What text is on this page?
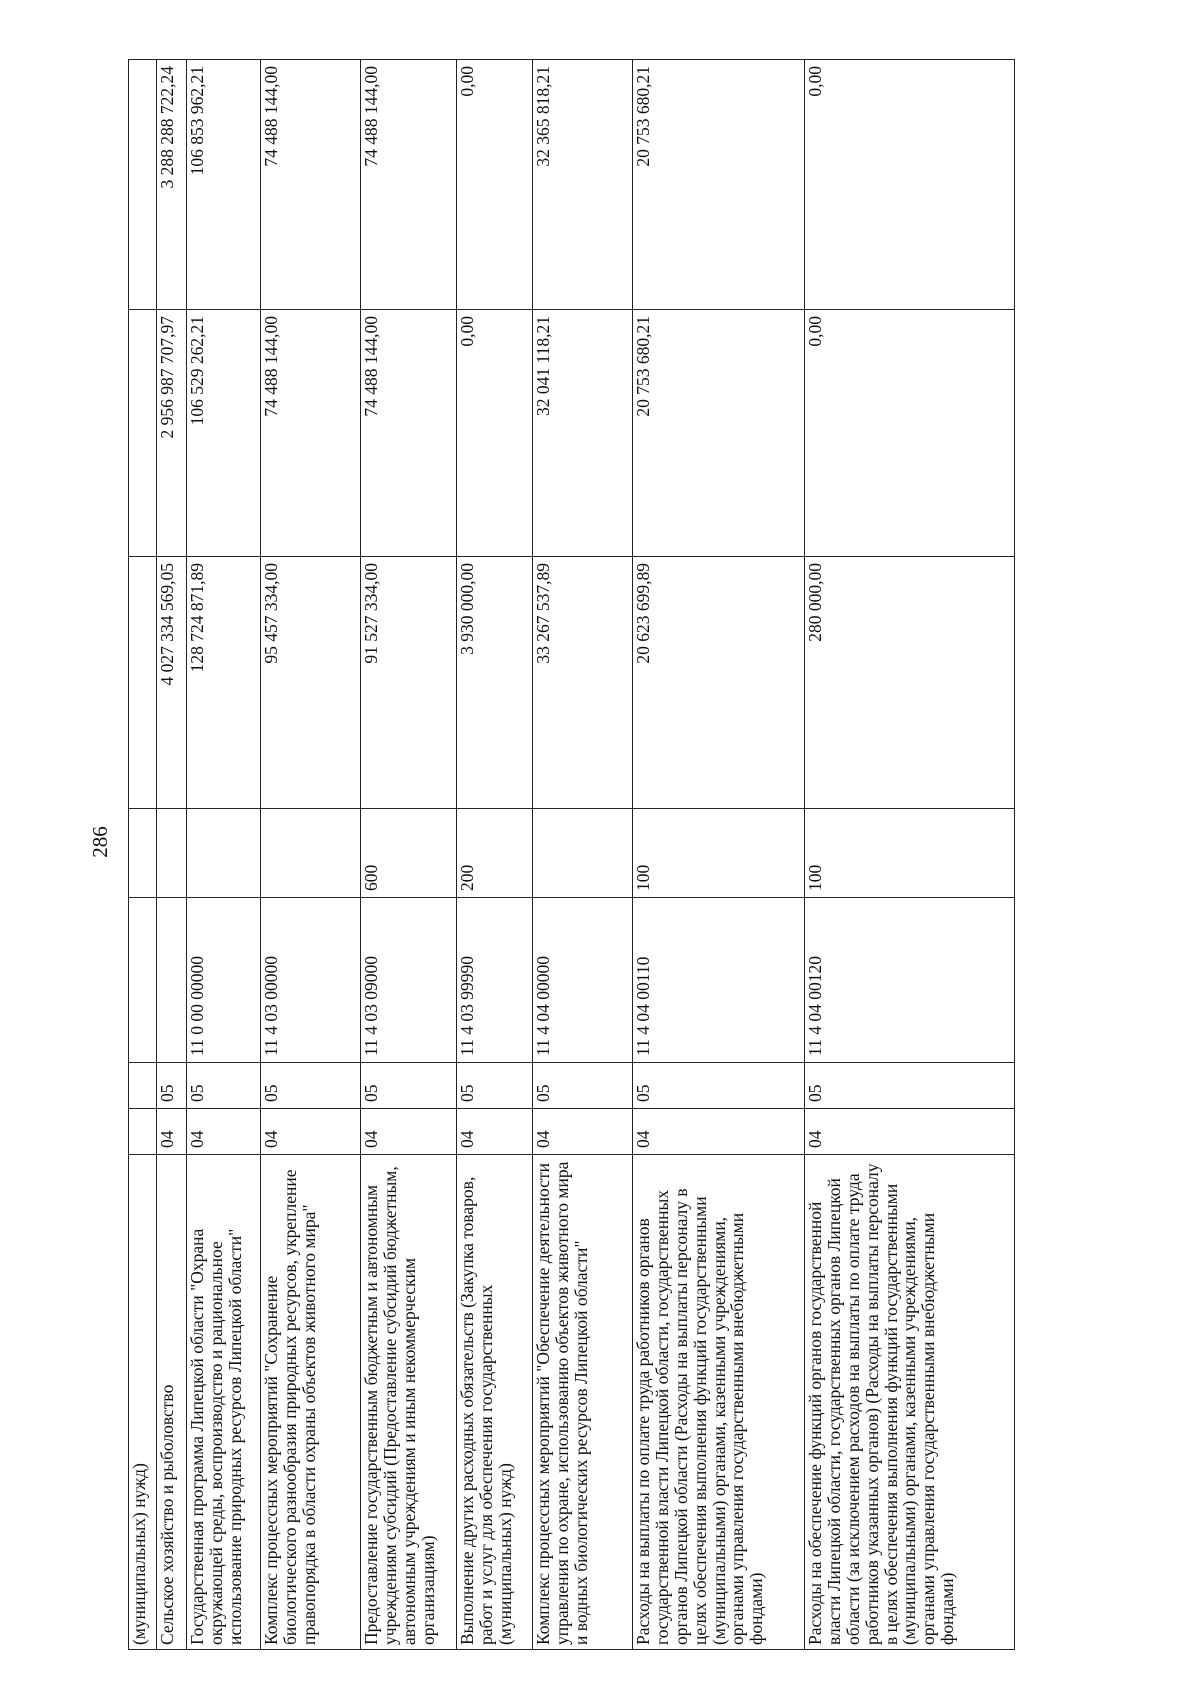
286
(муниципальных) нужд)							
Сельское хозяйство и рыболовство	04	05			4 027 334 569,05	2 956 987 707,97	3 288 288 722,24
Государственная программа Липецкой области "Охрана окружающей среды, воспроизводство и рациональное использование природных ресурсов Липецкой области"	04	05	11 0 00 00000		128 724 871,89	106 529 262,21	106 853 962,21
Комплекс процессных мероприятий "Сохранение биологического разнообразия природных ресурсов, укрепление правопорядка в области охраны объектов животного мира"	04	05	11 4 03 00000		95 457 334,00	74 488 144,00	74 488 144,00
Предоставление государственным бюджетным и автономным учреждениям субсидий (Предоставление субсидий бюджетным, автономным учреждениям и иным некоммерческим организациям)	04	05	11 4 03 09000	600	91 527 334,00	74 488 144,00	74 488 144,00
Выполнение других расходных обязательств (Закупка товаров, работ и услуг для обеспечения государственных (муниципальных) нужд)	04	05	11 4 03 99990	200	3 930 000,00	0,00	0,00
Комплекс процессных мероприятий "Обеспечение деятельности управления по охране, использованию объектов животного мира и водных биологических ресурсов Липецкой области"	04	05	11 4 04 00000		33 267 537,89	32 041 118,21	32 365 818,21
Расходы на выплаты по оплате труда работников органов государственной власти Липецкой области, государственных органов Липецкой области (Расходы на выплаты персоналу в целях обеспечения выполнения функций государственными (муниципальными) органами, казенными учреждениями, органами управления государственными внебюджетными фондами)	04	05	11 4 04 00110	100	20 623 699,89	20 753 680,21	20 753 680,21
Расходы на обеспечение функций органов государственной власти Липецкой области, государственных органов Липецкой области (за исключением расходов на выплаты по оплате труда работников указанных органов) (Расходы на выплаты персоналу в целях обеспечения выполнения функций государственными (муниципальными) органами, казенными учреждениями, органами управления государственными внебюджетными фондами)	04	05	11 4 04 00120	100	280 000,00	0,00	0,00
